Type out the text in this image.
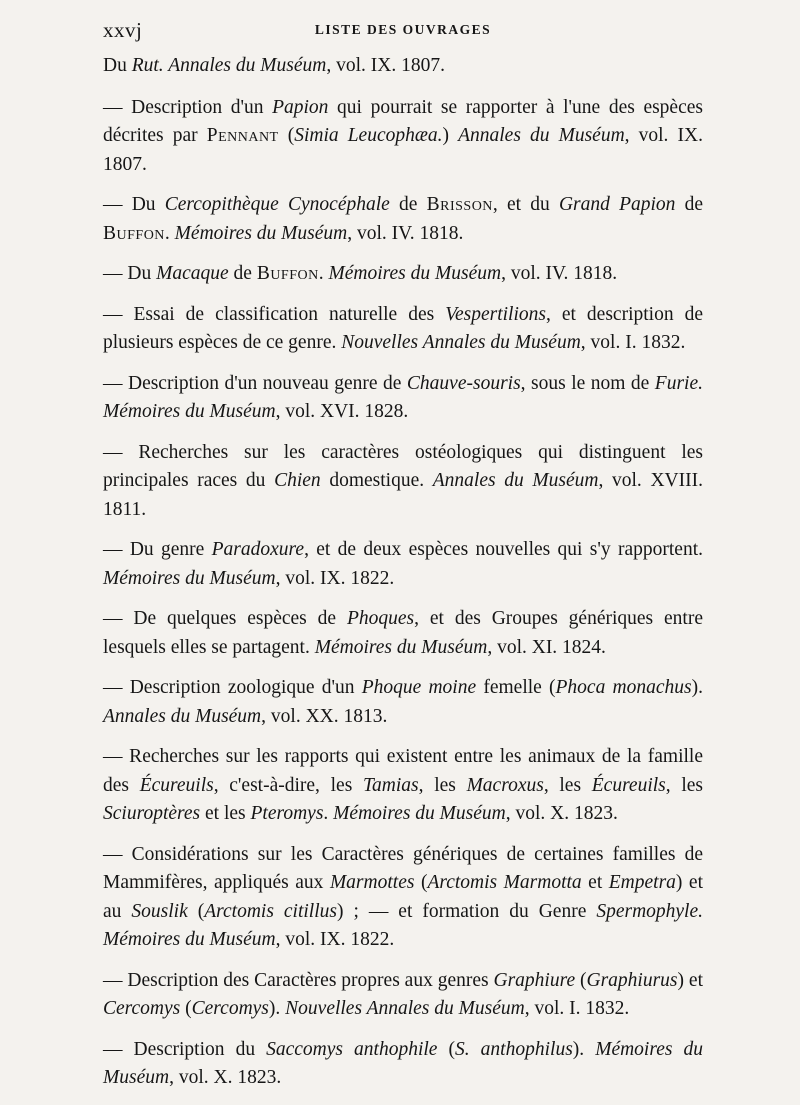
xxvj	LISTE DES OUVRAGES

Du Rut. Annales du Muséum, vol. IX. 1807.

— Description d'un Papion qui pourrait se rapporter à l'une des espèces décrites par Pennant (Simia Leucophæa.) Annales du Muséum, vol. IX. 1807.

— Du Cercopithèque Cynocéphale de Brisson, et du Grand Papion de Buffon. Mémoires du Muséum, vol. IV. 1818.

— Du Macaque de Buffon. Mémoires du Muséum, vol. IV. 1818.

— Essai de classification naturelle des Vespertilions, et description de plusieurs espèces de ce genre. Nouvelles Annales du Muséum, vol. I. 1832.

— Description d'un nouveau genre de Chauve-souris, sous le nom de Furie. Mémoires du Muséum, vol. XVI. 1828.

— Recherches sur les caractères ostéologiques qui distinguent les principales races du Chien domestique. Annales du Muséum, vol. XVIII. 1811.

— Du genre Paradoxure, et de deux espèces nouvelles qui s'y rapportent. Mémoires du Muséum, vol. IX. 1822.

— De quelques espèces de Phoques, et des Groupes génériques entre lesquels elles se partagent. Mémoires du Muséum, vol. XI. 1824.

— Description zoologique d'un Phoque moine femelle (Phoca monachus). Annales du Muséum, vol. XX. 1813.

— Recherches sur les rapports qui existent entre les animaux de la famille des Écureuils, c'est-à-dire, les Tamias, les Macroxus, les Écureuils, les Sciuroptères et les Pteromys. Mémoires du Muséum, vol. X. 1823.

— Considérations sur les Caractères génériques de certaines familles de Mammifères, appliqués aux Marmottes (Arctomis Marmotta et Empetra) et au Souslik (Arctomis citillus) ; — et formation du Genre Spermophyle. Mémoires du Muséum, vol. IX. 1822.

— Description des Caractères propres aux genres Graphiure (Graphiurus) et Cercomys (Cercomys). Nouvelles Annales du Muséum, vol. I. 1832.

— Description du Saccomys anthophile (S. anthophilus). Mémoires du Muséum, vol. X. 1823.
